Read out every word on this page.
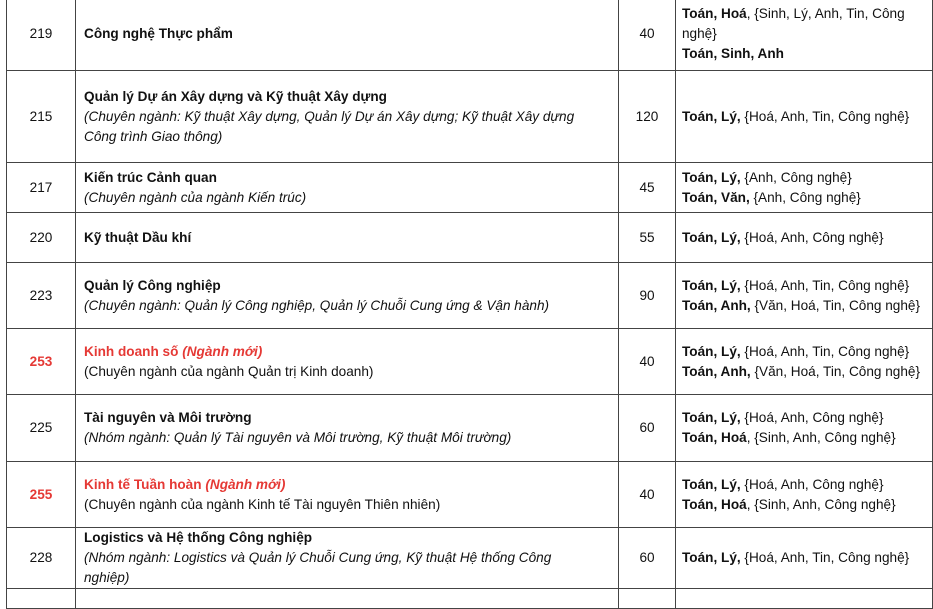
219	Công nghệ Thực phẩm	40	Toán, Hoá, {Sinh, Lý, Anh, Tin, Công nghệ}
Toán, Sinh, Anh

215	Quản lý Dự án Xây dựng và Kỹ thuật Xây dựng
(Chuyên ngành: Kỹ thuật Xây dựng, Quản lý Dự án Xây dựng; Kỹ thuật Xây dựng Công trình Giao thông)	120	Toán, Lý, {Hoá, Anh, Tin, Công nghệ}

217	Kiến trúc Cảnh quan
(Chuyên ngành của ngành Kiến trúc)	45	Toán, Lý, {Anh, Công nghệ}
Toán, Văn, {Anh, Công nghệ}

220	Kỹ thuật Dầu khí	55	Toán, Lý, {Hoá, Anh, Công nghệ}

223	Quản lý Công nghiệp
(Chuyên ngành: Quản lý Công nghiệp, Quản lý Chuỗi Cung ứng & Vận hành)	90	Toán, Lý, {Hoá, Anh, Tin, Công nghệ}
Toán, Anh, {Văn, Hoá, Tin, Công nghệ}

253	Kinh doanh số (Ngành mới)
(Chuyên ngành của ngành Quản trị Kinh doanh)	40	Toán, Lý, {Hoá, Anh, Tin, Công nghệ}
Toán, Anh, {Văn, Hoá, Tin, Công nghệ}

225	Tài nguyên và Môi trường
(Nhóm ngành: Quản lý Tài nguyên và Môi trường, Kỹ thuật Môi trường)	60	Toán, Lý, {Hoá, Anh, Công nghệ}
Toán, Hoá, {Sinh, Anh, Công nghệ}

255	Kinh tế Tuần hoàn (Ngành mới)
(Chuyên ngành của ngành Kinh tế Tài nguyên Thiên nhiên)	40	Toán, Lý, {Hoá, Anh, Công nghệ}
Toán, Hoá, {Sinh, Anh, Công nghệ}

228	Logistics và Hệ thống Công nghiệp
(Nhóm ngành: Logistics và Quản lý Chuỗi Cung ứng, Kỹ thuật Hệ thống Công nghiệp)	60	Toán, Lý, {Hoá, Anh, Tin, Công nghệ}
